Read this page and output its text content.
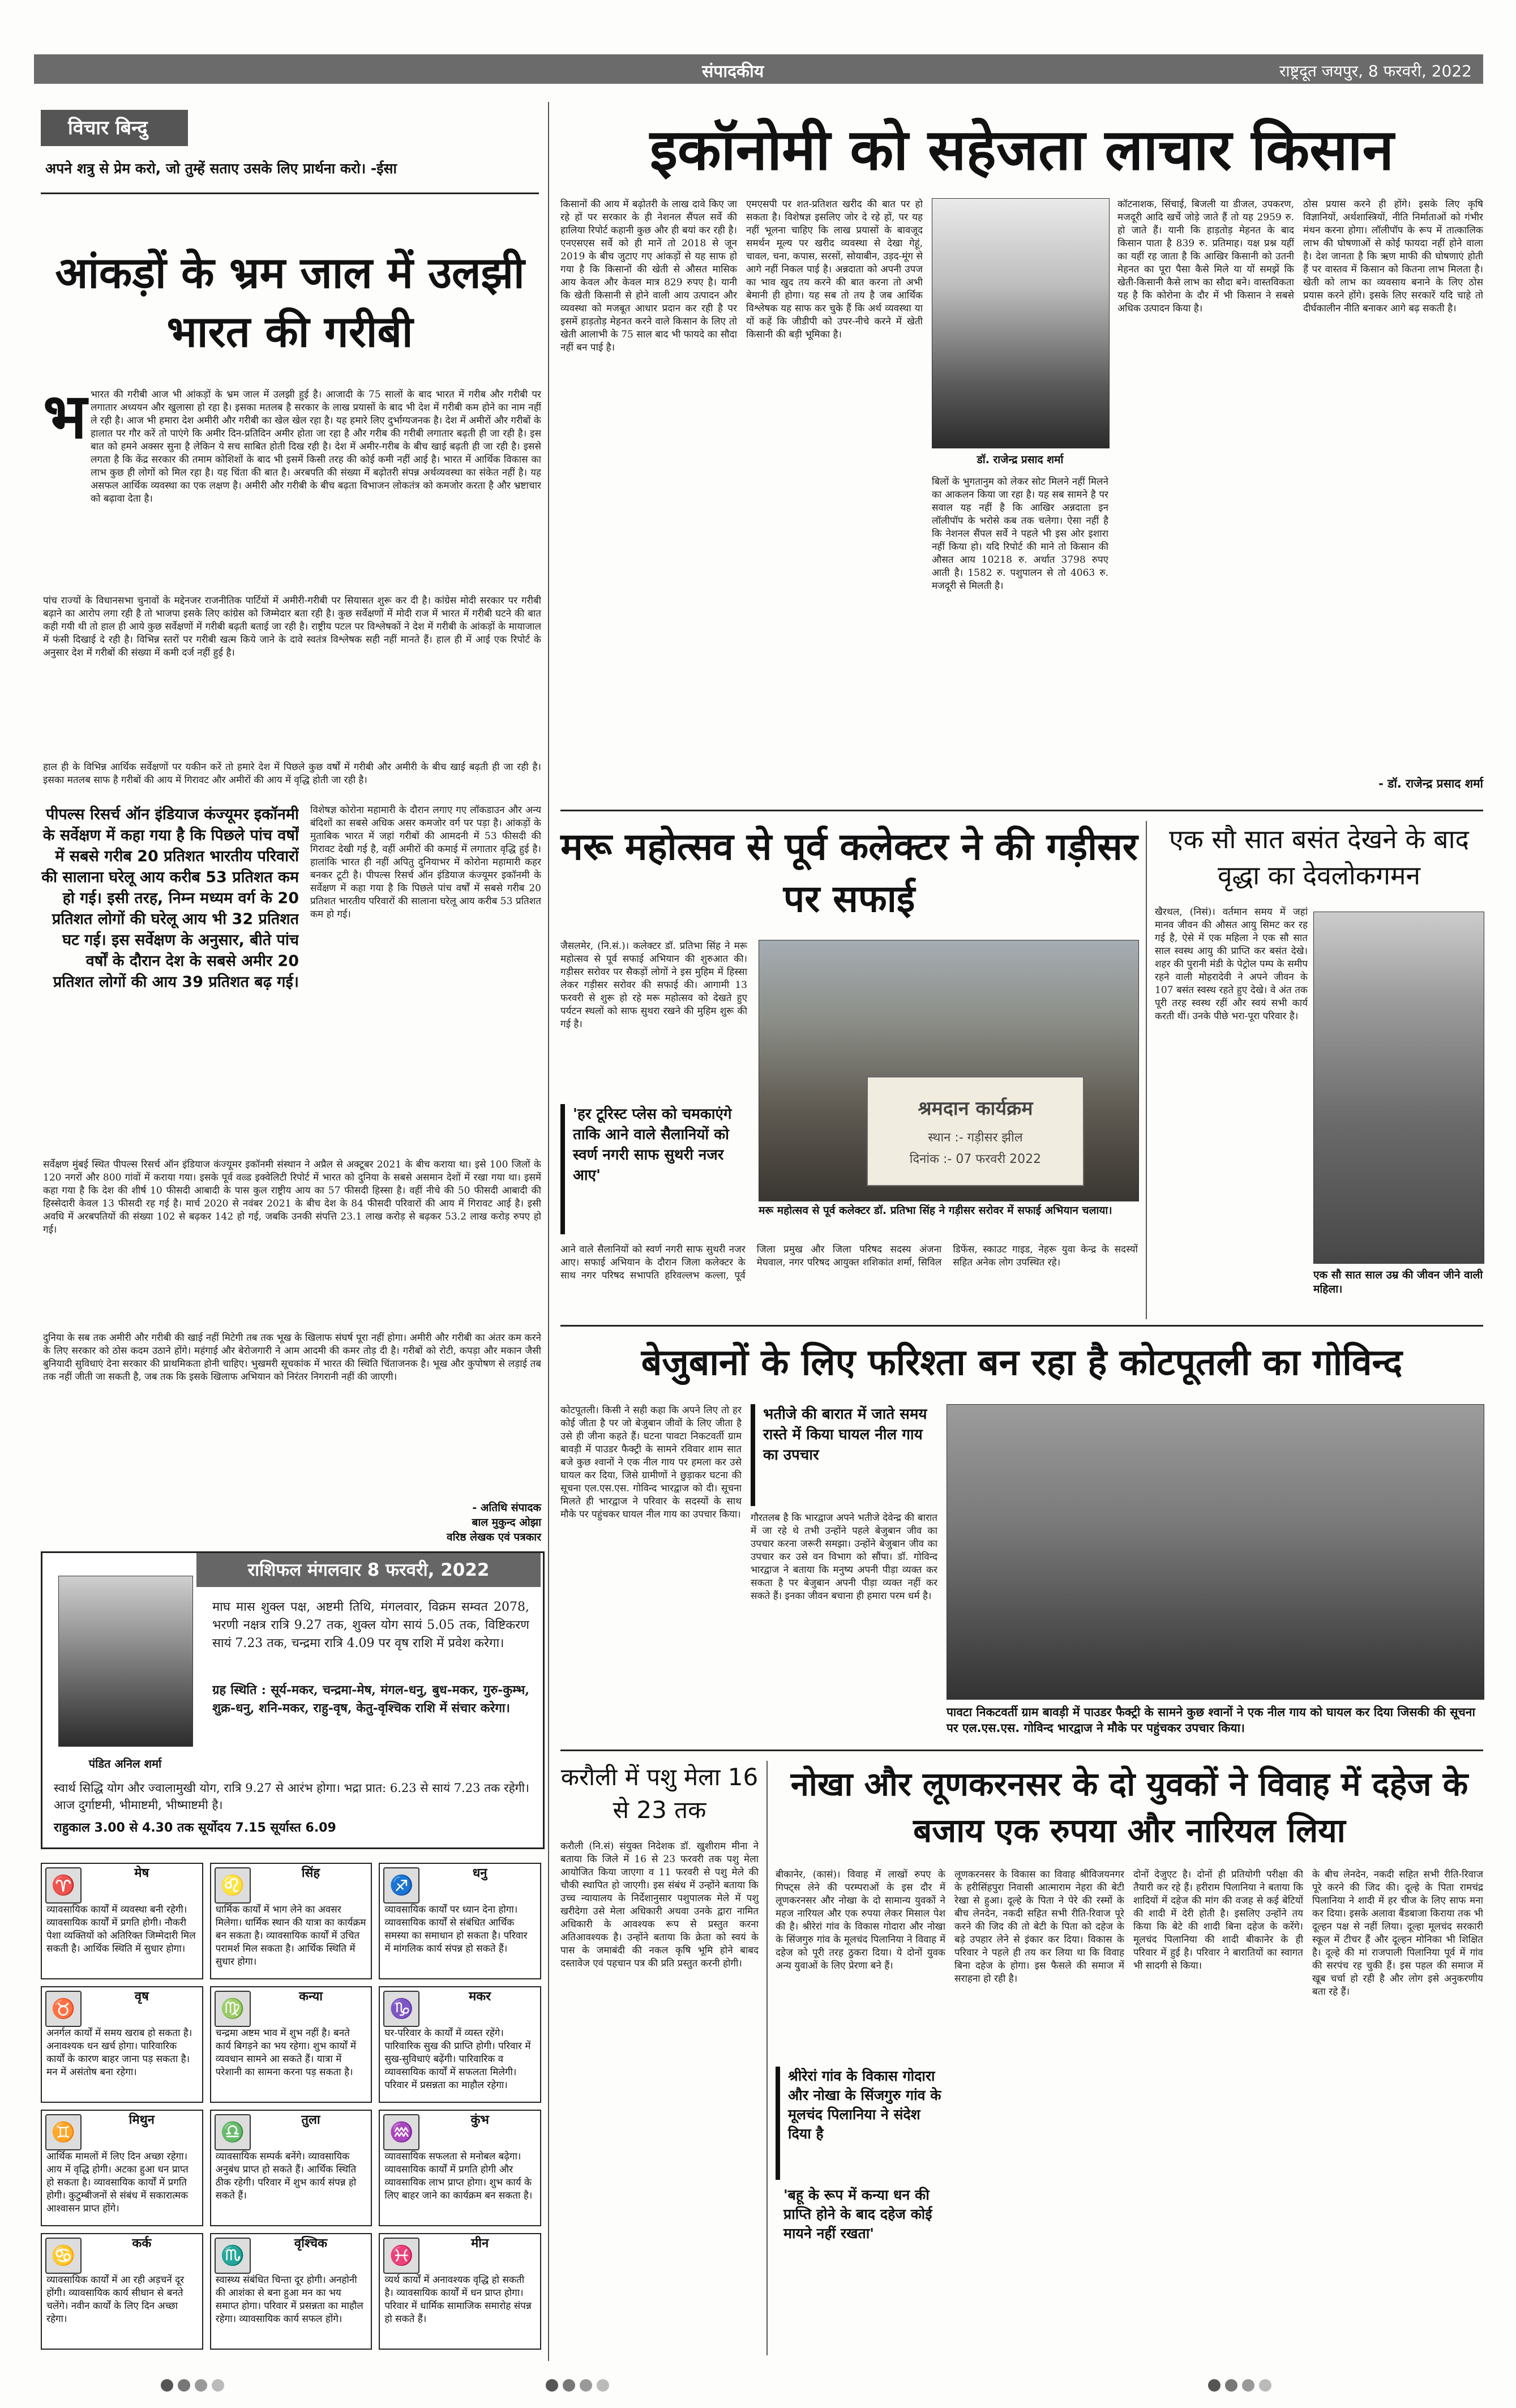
संपादकीय	राष्ट्रदूत जयपुर, 8 फरवरी, 2022
विचार बिन्दु
अपने शत्रु से प्रेम करो, जो तुम्हें सताए उसके लिए प्रार्थना करो। -ईसा
आंकड़ों के भ्रम जाल में उलझी भारत की गरीबी
भ भारत की गरीबी आज भी आंकड़ों के भ्रम जाल में उलझी हुई है। आजादी के 75 सालों के बाद भारत में गरीब और गरीबी पर लगातार अध्ययन और खुलासा हो रहा है। इसका मतलब है सरकार के लाख प्रयासों के बाद भी देश में गरीबी कम होने का नाम नहीं ले रही है। आज भी हमारा देश अमीरी और गरीबी का खेल खेल रहा है। यह हमारे लिए दुर्भाग्यजनक है। देश में अमीरों और गरीबों के हालात पर गौर करें तो पाएंगे कि अमीर दिन-प्रतिदिन अमीर होता जा रहा है और गरीब की गरीबी लगातार बढ़ती ही जा रही है। इस बात को हमने अक्सर सुना है लेकिन ये सच साबित होती दिख रही है। देश में अमीर-गरीब के बीच खाई बढ़ती ही जा रही है। इससे लगता है कि केंद्र सरकार की तमाम कोशिशों के बाद भी इसमें किसी तरह की कोई कमी नहीं आई है। भारत में आर्थिक विकास का लाभ कुछ ही लोगों को मिल रहा है। यह चिंता की बात है। अरबपति की संख्या में बढ़ोतरी संपन्न अर्थव्यवस्था का संकेत नहीं है। यह असफल आर्थिक व्यवस्था का एक लक्षण है। अमीरी और गरीबी के बीच बढ़ता विभाजन लोकतंत्र को कमजोर करता है और भ्रष्टाचार को बढ़ावा देता है।
पांच राज्यों के विधानसभा चुनावों के मद्देनजर राजनीतिक पार्टियों में अमीरी-गरीबी पर सियासत शुरू कर दी है। कांग्रेस मोदी सरकार पर गरीबी बढ़ाने का आरोप लगा रही है तो भाजपा इसके लिए कांग्रेस को जिम्मेदार बता रही है। कुछ सर्वेक्षणों में मोदी राज में भारत में गरीबी घटने की बात कही गयी थी तो हाल ही आये कुछ सर्वेक्षणों में गरीबी बढ़ती बताई जा रही है। राष्ट्रीय पटल पर विश्लेषकों ने देश में गरीबी के आंकड़ों के मायाजाल में फंसी दिखाई दे रही है। विभिन्न स्तरों पर गरीबी खत्म किये जाने के दावे स्वतंत्र विश्लेषक सही नहीं मानते हैं। हाल ही में आई एक रिपोर्ट के अनुसार देश में गरीबों की संख्या में कमी दर्ज नहीं हुई है।
हाल ही के विभिन्न आर्थिक सर्वेक्षणों पर यकीन करें तो हमारे देश में पिछले कुछ वर्षों में गरीबी और अमीरी के बीच खाई बढ़ती ही जा रही है। इसका मतलब साफ है गरीबों की आय में गिरावट और अमीरों की आय में वृद्धि होती जा रही है।
पीपल्स रिसर्च ऑन इंडियाज कंज्यूमर इकॉनमी के सर्वेक्षण में कहा गया है कि पिछले पांच वर्षों में सबसे गरीब 20 प्रतिशत भारतीय परिवारों की सालाना घरेलू आय करीब 53 प्रतिशत कम हो गई। इसी तरह, निम्न मध्यम वर्ग के 20 प्रतिशत लोगों की घरेलू आय भी 32 प्रतिशत घट गई। इस सर्वेक्षण के अनुसार, बीते पांच वर्षों के दौरान देश के सबसे अमीर 20 प्रतिशत लोगों की आय 39 प्रतिशत बढ़ गई।
विशेषज्ञ कोरोना महामारी के दौरान लगाए गए लॉकडाउन और अन्य बंदिशों का सबसे अधिक असर कमजोर वर्ग पर पड़ा है। आंकड़ों के मुताबिक भारत में जहां गरीबों की आमदनी में 53 फीसदी की गिरावट देखी गई है, वहीं अमीरों की कमाई में लगातार वृद्धि हुई है। हालांकि भारत ही नहीं अपितु दुनियाभर में कोरोना महामारी कहर बनकर टूटी है। पीपल्स रिसर्च ऑन इंडियाज कंज्यूमर इकॉनमी के सर्वेक्षण में कहा गया है कि पिछले पांच वर्षों में सबसे गरीब 20 प्रतिशत भारतीय परिवारों की सालाना घरेलू आय करीब 53 प्रतिशत कम हो गई।
सर्वेक्षण मुंबई स्थित पीपल्स रिसर्च ऑन इंडियाज कंज्यूमर इकॉनमी संस्थान ने अप्रैल से अक्टूबर 2021 के बीच कराया था। इसे 100 जिलों के 120 नगरों और 800 गांवों में कराया गया। इसके पूर्व वल्र्ड इक्वेलिटी रिपोर्ट में भारत को दुनिया के सबसे असमान देशों में रखा गया था। इसमें कहा गया है कि देश की शीर्ष 10 फीसदी आबादी के पास कुल राष्ट्रीय आय का 57 फीसदी हिस्सा है। वहीं नीचे की 50 फीसदी आबादी की हिस्सेदारी केवल 13 फीसदी रह गई है। मार्च 2020 से नवंबर 2021 के बीच देश के 84 फीसदी परिवारों की आय में गिरावट आई है। इसी अवधि में अरबपतियों की संख्या 102 से बढ़कर 142 हो गई, जबकि उनकी संपत्ति 23.1 लाख करोड़ से बढ़कर 53.2 लाख करोड़ रुपए हो गई।
दुनिया के सब तक अमीरी और गरीबी की खाई नहीं मिटेगी तब तक भूख के खिलाफ संघर्ष पूरा नहीं होगा। अमीरी और गरीबी का अंतर कम करने के लिए सरकार को ठोस कदम उठाने होंगे। महंगाई और बेरोजगारी ने आम आदमी की कमर तोड़ दी है। गरीबों को रोटी, कपड़ा और मकान जैसी बुनियादी सुविधाएं देना सरकार की प्राथमिकता होनी चाहिए। भुखमरी सूचकांक में भारत की स्थिति चिंताजनक है। भूख और कुपोषण से लड़ाई तब तक नहीं जीती जा सकती है, जब तक कि इसके खिलाफ अभियान को निरंतर निगरानी नहीं की जाएगी।
- अतिथि संपादक
बाल मुकुन्द ओझा
वरिष्ठ लेखक एवं पत्रकार
पंडित अनिल शर्मा
राशिफल मंगलवार 8 फरवरी, 2022
माघ मास शुक्ल पक्ष, अष्टमी तिथि, मंगलवार, विक्रम सम्वत 2078, भरणी नक्षत्र रात्रि 9.27 तक, शुक्ल योग सायं 5.05 तक, विष्टिकरण सायं 7.23 तक, चन्द्रमा रात्रि 4.09 पर वृष राशि में प्रवेश करेगा।
ग्रह स्थिति : सूर्य-मकर, चन्द्रमा-मेष, मंगल-धनु, बुध-मकर, गुरु-कुम्भ, शुक्र-धनु, शनि-मकर, राहु-वृष, केतु-वृश्चिक राशि में संचार करेगा।
स्वार्थ सिद्धि योग और ज्वालामुखी योग, रात्रि 9.27 से आरंभ होगा। भद्रा प्रात: 6.23 से सायं 7.23 तक रहेगी। आज दुर्गाष्टमी, भीमाष्टमी, भीष्माष्टमी है।
राहुकाल 3.00 से 4.30 तक सूर्योदय 7.15 सूर्यास्त 6.09
♈
मेष
व्यावसायिक कार्यों में व्यवस्था बनी रहेगी। व्यावसायिक कार्यों में प्रगति होगी। नौकरी पेशा व्यक्तियों को अतिरिक्त जिम्मेदारी मिल सकती है। आर्थिक स्थिति में सुधार होगा।
♌
सिंह
धार्मिक कार्यों में भाग लेने का अवसर मिलेगा। धार्मिक स्थान की यात्रा का कार्यक्रम बन सकता है। व्यावसायिक कार्यों में उचित परामर्श मिल सकता है। आर्थिक स्थिति में सुधार होगा।
♐
धनु
व्यावसायिक कार्यों पर ध्यान देना होगा। व्यावसायिक कार्यों से संबंधित आर्थिक समस्या का समाधान हो सकता है। परिवार में मांगलिक कार्य संपन्न हो सकते हैं।
♉
वृष
अनर्गल कार्यों में समय खराब हो सकता है। अनावश्यक धन खर्च होगा। पारिवारिक कार्यों के कारण बाहर जाना पड़ सकता है। मन में असंतोष बना रहेगा।
♍
कन्या
चन्द्रमा अष्टम भाव में शुभ नहीं है। बनते कार्य बिगड़ने का भय रहेगा। शुभ कार्यों में व्यवधान सामने आ सकते हैं। यात्रा में परेशानी का सामना करना पड़ सकता है।
♑
मकर
घर-परिवार के कार्यों में व्यस्त रहेंगे। पारिवारिक सुख की प्राप्ति होगी। परिवार में सुख-सुविधाएं बढ़ेंगी। पारिवारिक व व्यावसायिक कार्यों में सफलता मिलेगी। परिवार में प्रसन्नता का माहौल रहेगा।
♊
मिथुन
आर्थिक मामलों में लिए दिन अच्छा रहेगा। आय में वृद्धि होगी। अटका हुआ धन प्राप्त हो सकता है। व्यावसायिक कार्यों में प्रगति होगी। कुटुम्बीजनों से संबंध में सकारात्मक आश्वासन प्राप्त होंगे।
♎
तुला
व्यावसायिक सम्पर्क बनेंगे। व्यावसायिक अनुबंध प्राप्त हो सकते हैं। आर्थिक स्थिति ठीक रहेगी। परिवार में शुभ कार्य संपन्न हो सकते हैं।
♒
कुंभ
व्यावसायिक सफलता से मनोबल बढ़ेगा। व्यावसायिक कार्यों में प्रगति होगी और व्यावसायिक लाभ प्राप्त होगा। शुभ कार्य के लिए बाहर जाने का कार्यक्रम बन सकता है।
♋
कर्क
व्यावसायिक कार्यों में आ रही अड़चनें दूर होंगी। व्यावसायिक कार्य सीधान से बनते चलेंगे। नवीन कार्यों के लिए दिन अच्छा रहेगा।
♏
वृश्चिक
स्वास्थ्य संबंधित चिन्ता दूर होगी। अनहोनी की आशंका से बना हुआ मन का भय समाप्त होगा। परिवार में प्रसन्नता का माहौल रहेगा। व्यावसायिक कार्य सफल होंगे।
♓
मीन
व्यर्थ कार्यों में अनावश्यक वृद्धि हो सकती है। व्यावसायिक कार्यों में धन प्राप्त होगा। परिवार में धार्मिक सामाजिक समारोह संपन्न हो सकते हैं।
इकॉनोमी को सहेजता लाचार किसान
किसानों की आय में बढ़ोतरी के लाख दावे किए जा रहे हों पर सरकार के ही नेशनल सैंपल सर्वे की हालिया रिपोर्ट कहानी कुछ और ही बयां कर रही है। एनएसएस सर्वे को ही मानें तो 2018 से जून 2019 के बीच जुटाए गए आंकड़ों से यह साफ हो गया है कि किसानों की खेती से औसत मासिक आय केवल और केवल मात्र 829 रुपए है। यानी कि खेती किसानी से होने वाली आय उत्पादन और व्यवस्था को मजबूत आधार प्रदान कर रही है पर इसमें हाड़तोड़ मेहनत करने वाले किसान के लिए तो खेती आलाभी के 75 साल बाद भी फायदे का सौदा नहीं बन पाई है।
एमएसपी पर शत-प्रतिशत खरीद की बात पर हो सकता है। विशेषज्ञ इसलिए जोर दे रहे हों, पर यह नहीं भूलना चाहिए कि लाख प्रयासों के बावजूद समर्थन मूल्य पर खरीद व्यवस्था से देखा गेहूं, चावल, चना, कपास, सरसों, सोयाबीन, उड़द-मूंग से आगे नहीं निकल पाई है। अन्नदाता को अपनी उपज का भाव खुद तय करने की बात करना तो अभी बेमानी ही होगा। यह सब तो तय है जब आर्थिक विश्लेषक यह साफ कर चुके हैं कि अर्थ व्यवस्था या यों कहें कि जीडीपी को उपर-नीचे करने में खेती किसानी की बड़ी भूमिका है।
डॉ. राजेन्द्र प्रसाद शर्मा
बिलों के भुगतानुम को लेकर सोट मिलने नहीं मिलने का आकलन किया जा रहा है। यह सब सामने है पर सवाल यह नहीं है कि आखिर अन्नदाता इन लॉलीपॉप के भरोसे कब तक चलेगा। ऐसा नहीं है कि नेशनल सैंपल सर्वे ने पहले भी इस ओर इशारा नहीं किया हो। यदि रिपोर्ट की माने तो किसान की औसत आय 10218 रु. अर्थात 3798 रुपए आती है। 1582 रु. पशुपालन से तो 4063 रु. मजदूरी से मिलती है।
कॉटनाशक, सिंचाई, बिजली या डीजल, उपकरण, मजदूरी आदि खर्चे जोड़े जाते हैं तो यह 2959 रु. हो जाते हैं। यानी कि हाड़तोड़ मेहनत के बाद किसान पाता है 839 रु. प्रतिमाह। यक्ष प्रश्न यहीं का यहीं रह जाता है कि आखिर किसानी को उतनी मेहनत का पूरा पैसा कैसे मिले या यों समझें कि खेती-किसानी कैसे लाभ का सौदा बने। वास्तविकता यह है कि कोरोना के दौर में भी किसान ने सबसे अधिक उत्पादन किया है।
ठोस प्रयास करने ही होंगे। इसके लिए कृषि विज्ञानियों, अर्थशास्त्रियों, नीति निर्माताओं को गंभीर मंथन करना होगा। लॉलीपॉप के रूप में तात्कालिक लाभ की घोषणाओं से कोई फायदा नहीं होने वाला है। देश जानता है कि ऋण माफी की घोषणाएं होती हैं पर वास्तव में किसान को कितना लाभ मिलता है। खेती को लाभ का व्यवसाय बनाने के लिए ठोस प्रयास करने होंगे। इसके लिए सरकारें यदि चाहे तो दीर्घकालीन नीति बनाकर आगे बढ़ सकती है।
- डॉ. राजेन्द्र प्रसाद शर्मा
मरू महोत्सव से पूर्व कलेक्टर ने की गड़ीसर पर सफाई
जैसलमेर, (नि.सं.)। कलेक्टर डॉ. प्रतिभा सिंह ने मरू महोत्सव से पूर्व सफाई अभियान की शुरुआत की। गड़ीसर सरोवर पर सैकड़ों लोगों ने इस मुहिम में हिस्सा लेकर गड़ीसर सरोवर की सफाई की। आगामी 13 फरवरी से शुरू हो रहे मरू महोत्सव को देखते हुए पर्यटन स्थलों को साफ सुथरा रखने की मुहिम शुरू की गई है।
'हर टूरिस्ट प्लेस को चमकाएंगे ताकि आने वाले सैलानियों को स्वर्ण नगरी साफ सुथरी नजर आए'
श्रमदान कार्यक्रम
स्थान :- गड़ीसर झील
दिनांक :- 07 फरवरी 2022
मरू महोत्सव से पूर्व कलेक्टर डॉ. प्रतिभा सिंह ने गड़ीसर सरोवर में सफाई अभियान चलाया।
आने वाले सैलानियों को स्वर्ण नगरी साफ सुथरी नजर आए। सफाई अभियान के दौरान जिला कलेक्टर के साथ नगर परिषद सभापति हरिवल्लभ कल्ला, पूर्व जिला प्रमुख और जिला परिषद सदस्य अंजना मेघवाल, नगर परिषद आयुक्त शशिकांत शर्मा, सिविल डिफेंस, स्काउट गाइड, नेहरू युवा केन्द्र के सदस्यों सहित अनेक लोग उपस्थित रहे।
एक सौ सात बसंत देखने के बाद वृद्धा का देवलोकगमन
खैरथल, (निसं)। वर्तमान समय में जहां मानव जीवन की औसत आयु सिमट कर रह गई है, ऐसे में एक महिला ने एक सौ सात साल स्वस्थ आयु की प्राप्ति कर बसंत देखे। शहर की पुरानी मंडी के पेट्रोल पम्प के समीप रहने वाली मोहरादेवी ने अपने जीवन के 107 बसंत स्वस्थ रहते हुए देखे। वे अंत तक पूरी तरह स्वस्थ रहीं और स्वयं सभी कार्य करती थीं। उनके पीछे भरा-पूरा परिवार है।
एक सौ सात साल उम्र की जीवन जीने वाली महिला।
बेजुबानों के लिए फरिश्ता बन रहा है कोटपूतली का गोविन्द
कोटपूतली। किसी ने सही कहा कि अपने लिए तो हर कोई जीता है पर जो बेजुबान जीवों के लिए जीता है उसे ही जीना कहते हैं। घटना पावटा निकटवर्ती ग्राम बावड़ी में पाउडर फैक्ट्री के सामने रविवार शाम सात बजे कुछ श्वानों ने एक नील गाय पर हमला कर उसे घायल कर दिया, जिसे ग्रामीणों ने छुड़ाकर घटना की सूचना एल.एस.एस. गोविन्द भारद्वाज को दी। सूचना मिलते ही भारद्वाज ने परिवार के सदस्यों के साथ मौके पर पहुंचकर घायल नील गाय का उपचार किया।
भतीजे की बारात में जाते समय रास्ते में किया घायल नील गाय का उपचार
गौरतलब है कि भारद्वाज अपने भतीजे देवेन्द्र की बारात में जा रहे थे तभी उन्होंने पहले बेजुबान जीव का उपचार करना जरूरी समझा। उन्होंने बेजुबान जीव का उपचार कर उसे वन विभाग को सौंपा। डॉ. गोविन्द भारद्वाज ने बताया कि मनुष्य अपनी पीड़ा व्यक्त कर सकता है पर बेजुबान अपनी पीड़ा व्यक्त नहीं कर सकते हैं। इनका जीवन बचाना ही हमारा परम धर्म है।
पावटा निकटवर्ती ग्राम बावड़ी में पाउडर फैक्ट्री के सामने कुछ श्वानों ने एक नील गाय को घायल कर दिया जिसकी की सूचना पर एल.एस.एस. गोविन्द भारद्वाज ने मौके पर पहुंचकर उपचार किया।
करौली में पशु मेला 16 से 23 तक
करौली (नि.सं) संयुक्त निदेशक डॉ. खुशीराम मीना ने बताया कि जिले में 16 से 23 फरवरी तक पशु मेला आयोजित किया जाएगा व 11 फरवरी से पशु मेले की चौकी स्थापित हो जाएगी। इस संबंध में उन्होंने बताया कि उच्च न्यायालय के निर्देशानुसार पशुपालक मेले में पशु खरीदेगा उसे मेला अधिकारी अथवा उनके द्वारा नामित अधिकारी के आवश्यक रूप से प्रस्तुत करना अतिआवश्यक है। उन्होंने बताया कि क्रेता को स्वयं के पास के जमाबंदी की नकल कृषि भूमि होने बाबद दस्तावेज एवं पहचान पत्र की प्रति प्रस्तुत करनी होगी।
नोखा और लूणकरनसर के दो युवकों ने विवाह में दहेज के बजाय एक रुपया और नारियल लिया
बीकानेर, (कासं)। विवाह में लाखों रुपए के गिफ्ट्स लेने की परम्पराओं के इस दौर में लूणकरनसर और नोखा के दो सामान्य युवकों ने महज नारियल और एक रुपया लेकर मिसाल पेश की है। श्रीरेरां गांव के विकास गोदारा और नोखा के सिंजगुरु गांव के मूलचंद पिलानिया ने विवाह में दहेज को पूरी तरह ठुकरा दिया। ये दोनों युवक अन्य युवाओं के लिए प्रेरणा बने हैं।
श्रीरेरां गांव के विकास गोदारा और नोखा के सिंजगुरु गांव के मूलचंद पिलानिया ने संदेश दिया है
'बहू के रूप में कन्या धन की प्राप्ति होने के बाद दहेज कोई मायने नहीं रखता'
लूणकरनसर के विकास का विवाह श्रीविजयनगर के हरीसिंहपुरा निवासी आत्माराम नेहरा की बेटी रेखा से हुआ। दूल्हे के पिता ने पेरे की रस्मों के बीच लेनदेन, नकदी सहित सभी रीति-रिवाज पूरे करने की जिद की तो बेटी के पिता को दहेज के बड़े उपहार लेने से इंकार कर दिया। विकास के परिवार ने पहले ही तय कर लिया था कि विवाह बिना दहेज के होगा। इस फैसले की समाज में सराहना हो रही है।
दोनों देजुएट है। दोनों ही प्रतियोगी परीक्षा की तैयारी कर रहे हैं। हरीराम पिलानिया ने बताया कि शादियों में दहेज की मांग की वजह से कई बेटियों की शादी में देरी होती है। इसलिए उन्होंने तय किया कि बेटे की शादी बिना दहेज के करेंगे। मूलचंद पिलानिया की शादी बीकानेर के ही परिवार में हुई है। परिवार ने बारातियों का स्वागत भी सादगी से किया।
के बीच लेनदेन, नकदी सहित सभी रीति-रिवाज पूरे करने की जिद की। दूल्हे के पिता रामचंद्र पिलानिया ने शादी में हर चीज के लिए साफ मना कर दिया। इसके अलावा बैंडबाजा किराया तक भी दूल्हन पक्ष से नहीं लिया। दूल्हा मूलचंद सरकारी स्कूल में टीचर हैं और दूल्हन मोनिका भी शिक्षित है। दूल्हे की मां राजपाली पिलानिया पूर्व में गांव की सरपंच रह चुकी हैं। इस पहल की समाज में खूब चर्चा हो रही है और लोग इसे अनुकरणीय बता रहे हैं।
